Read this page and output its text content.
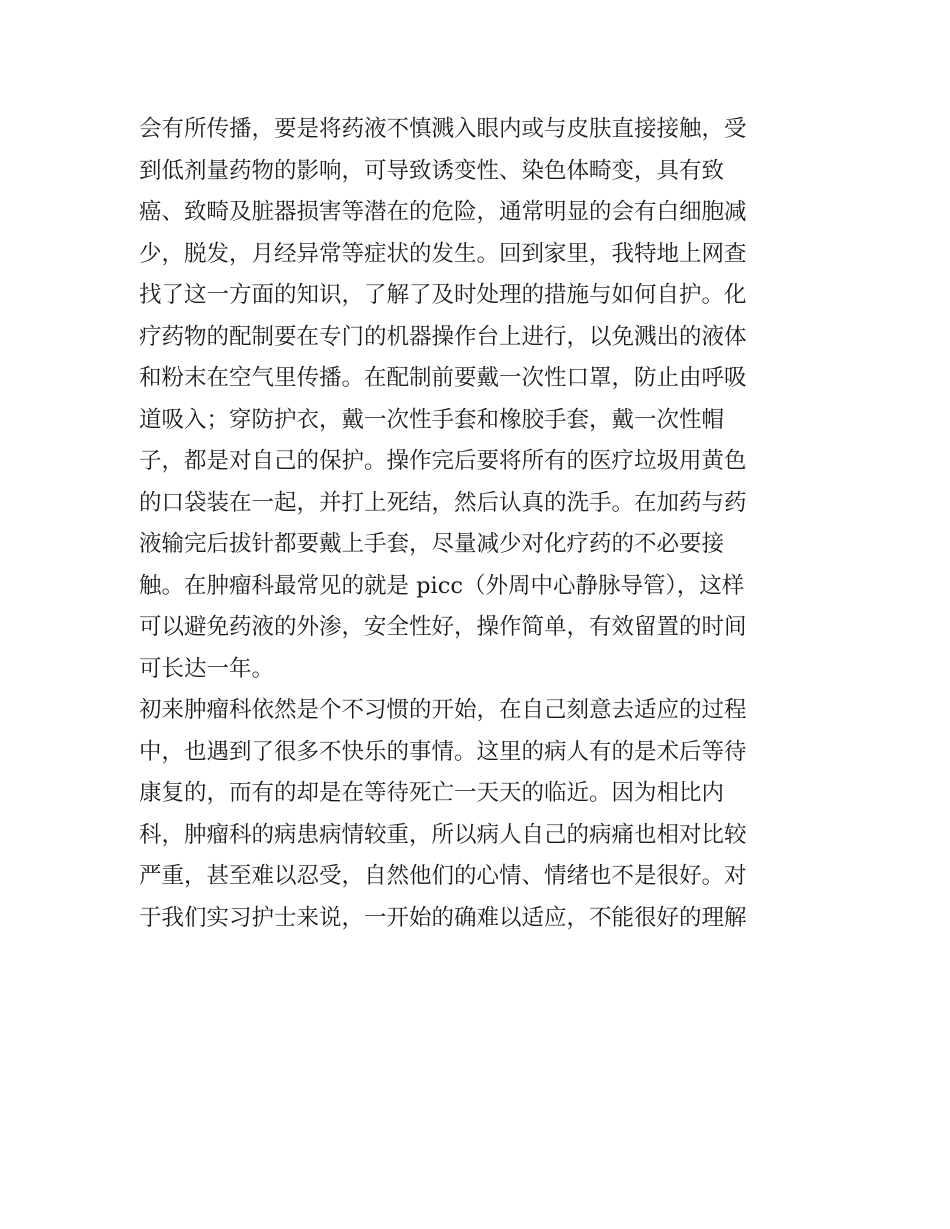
会有所传播，要是将药液不慎溅入眼内或与皮肤直接接触，受
到低剂量药物的影响，可导致诱变性、染色体畸变，具有致
癌、致畸及脏器损害等潜在的危险，通常明显的会有白细胞减
少，脱发，月经异常等症状的发生。回到家里，我特地上网查
找了这一方面的知识，了解了及时处理的措施与如何自护。化
疗药物的配制要在专门的机器操作台上进行，以免溅出的液体
和粉末在空气里传播。在配制前要戴一次性口罩，防止由呼吸
道吸入；穿防护衣，戴一次性手套和橡胶手套，戴一次性帽
子，都是对自己的保护。操作完后要将所有的医疗垃圾用黄色
的口袋装在一起，并打上死结，然后认真的洗手。在加药与药
液输完后拔针都要戴上手套，尽量减少对化疗药的不必要接
触。在肿瘤科最常见的就是 picc（外周中心静脉导管），这样
可以避免药液的外渗，安全性好，操作简单，有效留置的时间
可长达一年。
初来肿瘤科依然是个不习惯的开始，在自己刻意去适应的过程
中，也遇到了很多不快乐的事情。这里的病人有的是术后等待
康复的，而有的却是在等待死亡一天天的临近。因为相比内
科，肿瘤科的病患病情较重，所以病人自己的病痛也相对比较
严重，甚至难以忍受，自然他们的心情、情绪也不是很好。对
于我们实习护士来说，一开始的确难以适应，不能很好的理解
